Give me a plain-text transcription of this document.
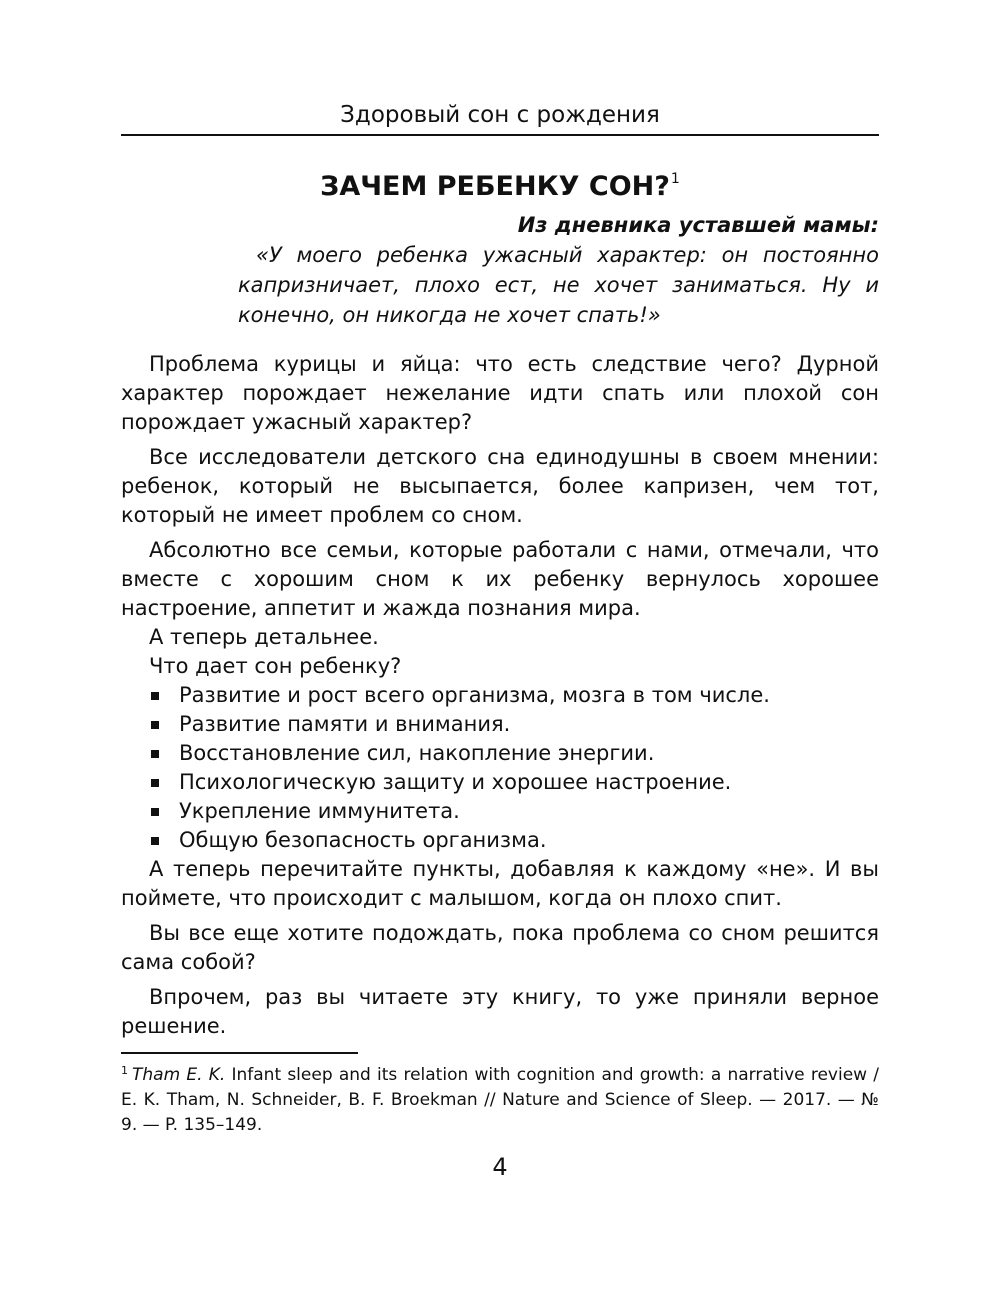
Здоровый сон с рождения
ЗАЧЕМ РЕБЕНКУ СОН?$^1$
Из дневника уставшей мамы:
«У моего ребенка ужасный характер: он постоянно капризничает, плохо ест, не хочет заниматься. Ну и конечно, он никогда не хочет спать!»

Проблема курицы и яйца: что есть следствие чего? Дурной характер порождает нежелание идти спать или плохой сон порождает ужасный характер?

Все исследователи детского сна единодушны в своем мнении: ребенок, который не высыпается, более капризен, чем тот, который не имеет проблем со сном.

Абсолютно все семьи, которые работали с нами, отмечали, что вместе с хорошим сном к их ребенку вернулось хорошее настроение, аппетит и жажда познания мира.

А теперь детальнее.

Что дает сон ребенку?

Развитие и рост всего организма, мозга в том числе.
Развитие памяти и внимания.
Восстановление сил, накопление энергии.
Психологическую защиту и хорошее настроение.
Укрепление иммунитета.
Общую безопасность организма.

А теперь перечитайте пункты, добавляя к каждому «не». И вы поймете, что происходит с малышом, когда он плохо спит.

Вы все еще хотите подождать, пока проблема со сном решится сама собой?

Впрочем, раз вы читаете эту книгу, то уже приняли верное решение.

$^1$ Tham E. K. Infant sleep and its relation with cognition and growth: a narrative review / E. K. Tham, N. Schneider, B. F. Broekman // Nature and Science of Sleep. — 2017. — № 9. — P. 135–149.
4
